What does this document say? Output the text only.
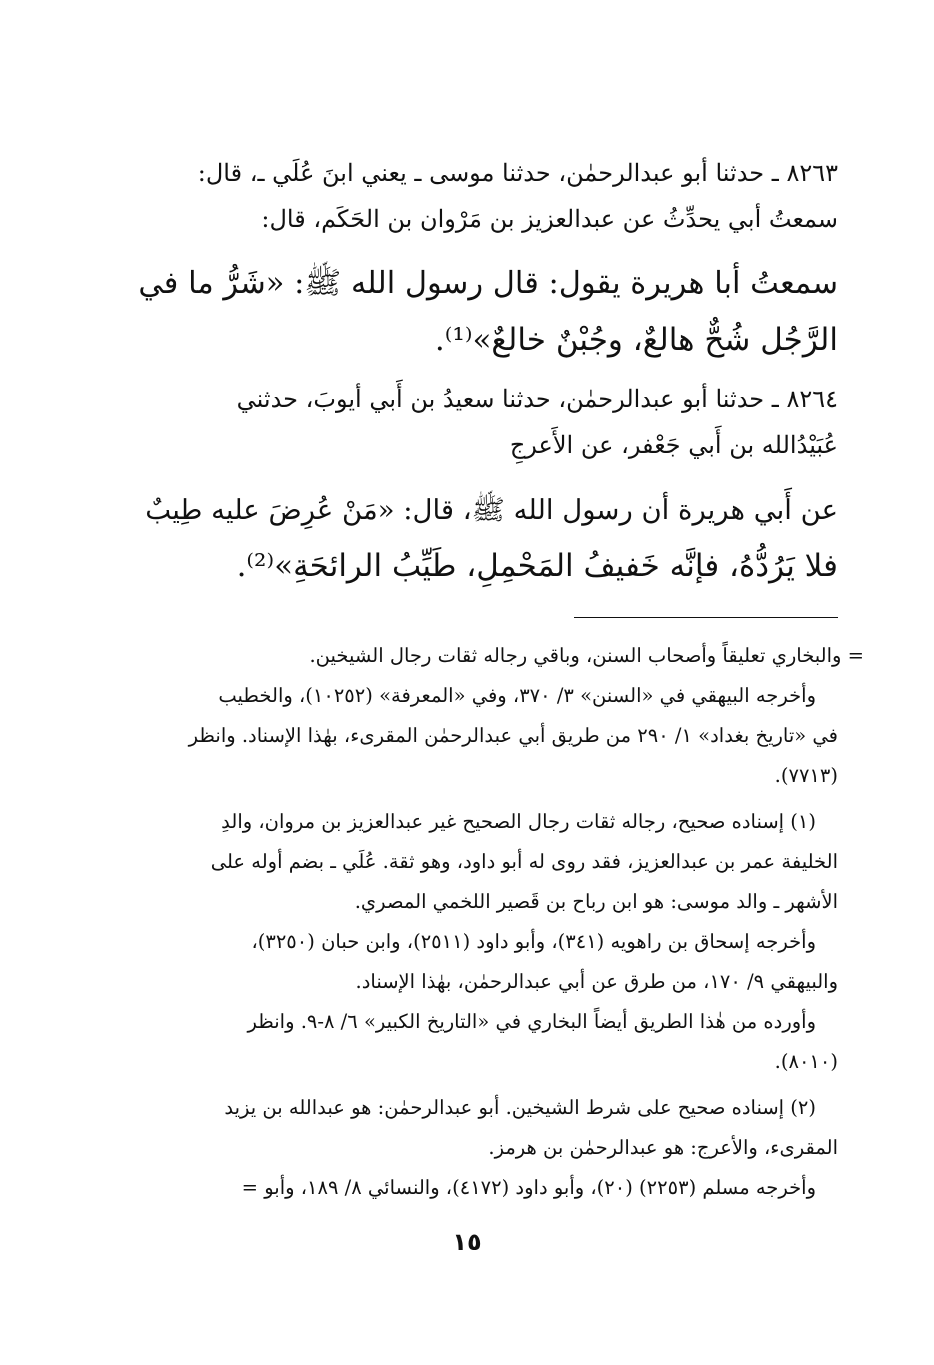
٨٢٦٣ ـ حدثنا أبو عبدالرحمٰن، حدثنا موسى ـ يعني ابنَ عُلَي ـ، قال:
سمعتُ أبي يحدِّثُ عن عبدالعزيز بن مَرْوان بن الحَكَم، قال:
سمعتُ أبا هريرة يقول: قال رسول الله ﷺ: «شَرُّ ما في
الرَّجُل شُحٌّ هالعٌ، وجُبْنٌ خالعٌ»⁽¹⁾.
٨٢٦٤ ـ حدثنا أبو عبدالرحمٰن، حدثنا سعيدُ بن أَبي أيوبَ، حدثني
عُبَيْدُالله بن أَبي جَعْفر، عن الأَعرجِ
عن أَبي هريرة أن رسول الله ﷺ، قال: «مَنْ عُرِضَ عليه طِيبٌ
فلا يَرُدُّهُ، فإنَّه خَفيفُ المَحْمِلِ، طَيِّبُ الرائحَةِ»⁽²⁾.
= والبخاري تعليقاً وأصحاب السنن، وباقي رجاله ثقات رجال الشيخين.
وأخرجه البيهقي في «السنن» ٣/ ٣٧٠، وفي «المعرفة» (١٠٢٥٢)، والخطيب
في «تاريخ بغداد» ١/ ٢٩٠ من طريق أبي عبدالرحمٰن المقرىء، بهٰذا الإسناد. وانظر
(٧٧١٣).
(١) إسناده صحيح، رجاله ثقات رجال الصحيح غير عبدالعزيز بن مروان، والدِ
الخليفة عمر بن عبدالعزيز، فقد روى له أبو داود، وهو ثقة. عُلَي ـ بضم أوله على
الأشهر ـ والد موسى: هو ابن رباح بن قَصير اللخمي المصري.
وأخرجه إسحاق بن راهويه (٣٤١)، وأبو داود (٢٥١١)، وابن حبان (٣٢٥٠)،
والبيهقي ٩/ ١٧٠، من طرق عن أبي عبدالرحمٰن، بهٰذا الإسناد.
وأورده من هٰذا الطريق أيضاً البخاري في «التاريخ الكبير» ٦/ ٨-٩. وانظر
(٨٠١٠).
(٢) إسناده صحيح على شرط الشيخين. أبو عبدالرحمٰن: هو عبدالله بن يزيد
المقرىء، والأعرج: هو عبدالرحمٰن بن هرمز.
وأخرجه مسلم (٢٢٥٣) (٢٠)، وأبو داود (٤١٧٢)، والنسائي ٨/ ١٨٩، وأبو =
١٥
